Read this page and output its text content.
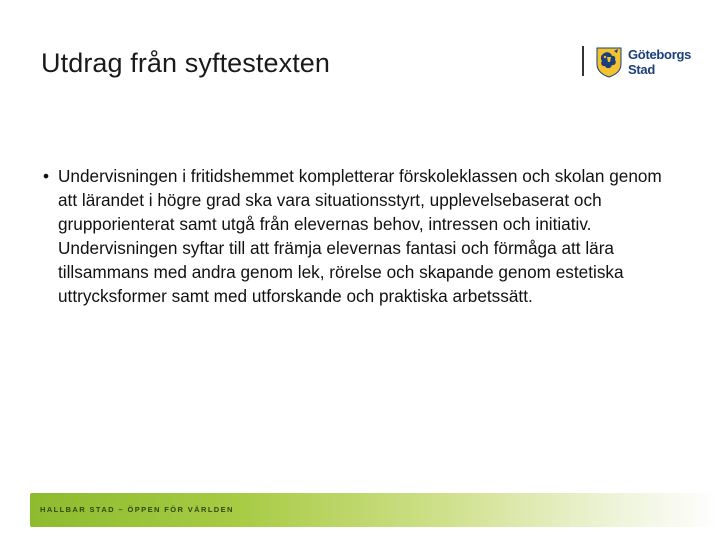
Utdrag från syftestexten	Göteborgs
Stad
• Undervisningen i fritidshemmet kompletterar förskoleklassen och skolan genom att lärandet i högre grad ska vara situationsstyrt, upplevelsebaserat och grupporienterat samt utgå från elevernas behov, intressen och initiativ. Undervisningen syftar till att främja elevernas fantasi och förmåga att lära tillsammans med andra genom lek, rörelse och skapande genom estetiska uttrycksformer samt med utforskande och praktiska arbetssätt.

HALLBAR STAD – ÖPPEN FÖR VÄRLDEN
